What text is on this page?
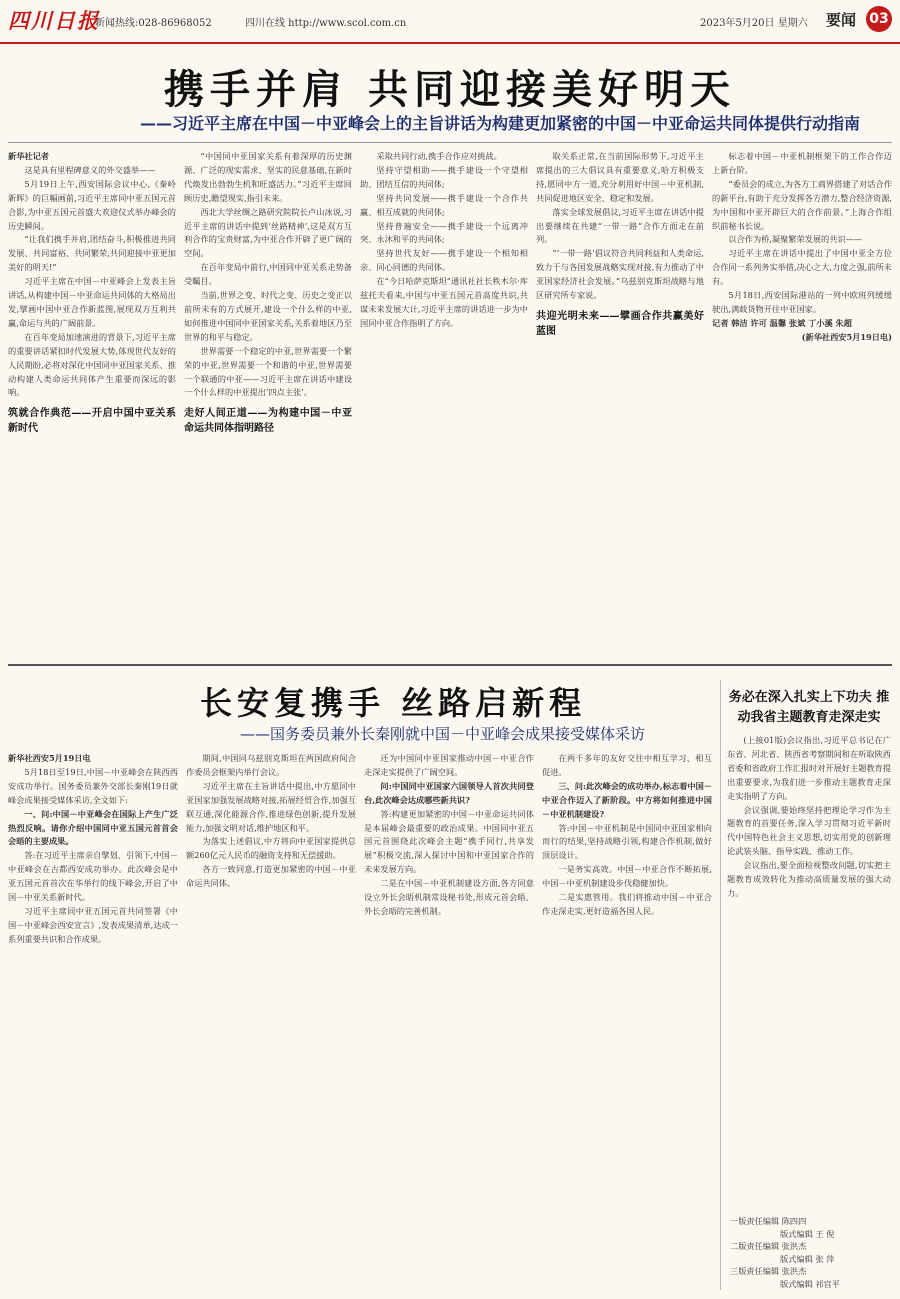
四川日报
新闻热线:028-86968052	四川在线 http://www.scol.com.cn	2023年5月20日 星期六 要闻 03
携手并肩 共同迎接美好明天
——习近平主席在中国－中亚峰会上的主旨讲话为构建更加紧密的中国－中亚命运共同体提供行动指南

新华社记者

这是具有里程碑意义的外交盛举——

5月19日上午,西安国际会议中心,《秦岭新晖》的巨幅画前,习近平主席同中亚五国元首合影,为中亚五国元首盛大欢迎仪式举办峰会的历史瞬间。

“让我们携手并肩,团结奋斗,积极推进共同发展、共同富裕、共同繁荣,共同迎接中亚更加美好的明天!”

习近平主席在中国－中亚峰会上发表主旨讲话,从构建中国－中亚命运共同体的大格局出发,擘画中国中亚合作新蓝图,展现双方互利共赢,命运与共的广阔前景。

在百年变局加速演进的背景下,习近平主席的重要讲话紧扣时代发展大势,体现世代友好的人民期盼,必将对深化中国同中亚国家关系、推动构建人类命运共同体产生重要而深远的影响。

筑就合作典范——开启中国中亚关系新时代

“中国同中亚国家关系有着深厚的历史渊源、广泛的现实需求、坚实的民意基础,在新时代焕发出勃勃生机和旺盛活力。”习近平主席回顾历史,瞻望现实,指引未来。

西北大学丝绸之路研究院院长卢山冰说,习近平主席的讲话中提到‘丝路精神’,这是双方互利合作的宝贵财富,为中亚合作开辟了更广阔的空间。

在百年变局中前行,中国同中亚关系走势备受瞩目。

当前,世界之变、时代之变、历史之变正以前所未有的方式展开,建设一个什么样的中亚,如何推进中国同中亚国家关系,关系着地区乃至世界的和平与稳定。

世界需要一个稳定的中亚,世界需要一个繁荣的中亚,世界需要一个和谐的中亚,世界需要一个联通的中亚——习近平主席在讲话中建设一个什么样的中亚提出‘四点主张’。

走好人间正道——为构建中国－中亚命运共同体指明路径

采取共同行动,携手合作应对挑战。

坚持守望相助——携手建设一个守望相助、团结互信的共同体;

坚持共同发展——携手建设一个合作共赢、相互成就的共同体;

坚持普遍安全——携手建设一个远离冲突、永沐和平的共同体;

坚持世代友好——携手建设一个相知相亲、同心同德的共同体。

在“今日哈萨克斯坦”通讯社社长秩木尔·库兹托夫看来,中国与中亚五国元首高度共识,共谋未来发展大计,习近平主席的讲话进一步为中国同中亚合作指明了方向。

取关系正常,在当前国际形势下,习近平主席提出的三大倡议具有重要意义,哈方积极支持,愿同中方一道,充分利用好中国－中亚机制,共同促进地区安全、稳定和发展。

落实全球发展倡议,习近平主席在讲话中提出要继续在共建“一带一路”合作方面走在前列。

“‘一带一路’倡议符合共同利益和人类命运,致力于与各国发展战略实现对接,有力推动了中亚国家经济社会发展。”乌兹别克斯坦战略与地区研究所专家说。

共迎光明未来——擘画合作共赢美好蓝图

标志着中国－中亚机制框架下的工作合作迈上新台阶。

“委员会的成立,为各方工商界搭建了对话合作的新平台,有助于充分发挥各方潜力,整合经济资源,为中国和中亚开辟巨大的合作前景。”上海合作组织前秘书长说。

以合作为桥,凝聚繁荣发展的共识——

习近平主席在讲话中提出了中国中亚全方位合作同一系列务实举措,决心之大,力度之强,前所未有。

5月18日,西安国际港站的一列中欧班列缓缓驶出,满载货物开往中亚国家。

记者 韩洁 许可 温馨 张斌 丁小溪 朱超

(新华社西安5月19日电)

长安复携手 丝路启新程
——国务委员兼外长秦刚就中国－中亚峰会成果接受媒体采访

新华社西安5月19日电

5月18日至19日,中国－中亚峰会在陕西西安成功举行。国务委员兼外交部长秦刚19日就峰会成果接受媒体采访,全文如下:

一、问:中国－中亚峰会在国际上产生广泛热烈反响。请你介绍中国同中亚五国元首首会会晤的主要成果。

答:在习近平主席亲自擘划、引领下,中国－中亚峰会在古都西安成功举办。此次峰会是中亚五国元首首次在华举行的线下峰会,开启了中国－中亚关系新时代。

习近平主席同中亚五国元首共同签署《中国－中亚峰会西安宣言》,发表成果清单,达成一系列重要共识和合作成果。

期间,中国同乌兹别克斯坦在两国政府间合作委员会框架内举行会议。

习近平主席在主旨讲话中提出,中方愿同中亚国家加强发展战略对接,拓展经贸合作,加强互联互通,深化能源合作,推进绿色创新,提升发展能力,加强文明对话,维护地区和平。

为落实上述倡议,中方将向中亚国家提供总额260亿元人民币的融资支持和无偿援助。

各方一致同意,打造更加紧密的中国－中亚命运共同体。

还为中国同中亚国家推动中国－中亚合作走深走实提供了广阔空间。

问:中国同中亚国家六国领导人首次共同登台,此次峰会达成哪些新共识?

答:构建更加紧密的中国－中亚命运共同体是本届峰会最重要的政治成果。中国同中亚五国元首围绕此次峰会主题“携手同行,共享发展”积极交流,深入探讨中国和中亚国家合作的未来发展方向。

二是在中国－中亚机制建设方面,各方同意设立外长会晤机制常设秘书处,形成元首会晤、外长会晤的完善机制。

在两千多年的友好交往中相互学习、相互促进。

三、问:此次峰会的成功举办,标志着中国－中亚合作迈入了新阶段。中方将如何推进中国－中亚机制建设?

答:中国－中亚机制是中国同中亚国家相向而行的结果,坚持战略引领,构建合作机制,做好顶层设计。

一是务实高效。中国－中亚合作不断拓展,中国－中亚机制建设步伐稳健加快。

二是实惠管用。我们将推动中国－中亚合作走深走实,更好造福各国人民。

务必在深入扎实上下功夫 推动我省主题教育走深走实

(上接01版)会议指出,习近平总书记在广东省、河北省、陕西省考察期间和在听取陕西省委和省政府工作汇报时对开展好主题教育提出重要要求,为我们进一步推动主题教育走深走实指明了方向。

会议强调,要始终坚持把理论学习作为主题教育的首要任务,深入学习贯彻习近平新时代中国特色社会主义思想,切实用党的创新理论武装头脑、指导实践、推动工作。

会议指出,要全面检视整改问题,切实把主题教育成效转化为推动高质量发展的强大动力。

一版责任编辑 陈四四
版式编辑 王 倪
二版责任编辑 张洪杰
版式编辑 张 萍
三版责任编辑 张洪杰
版式编辑 祁宫平
